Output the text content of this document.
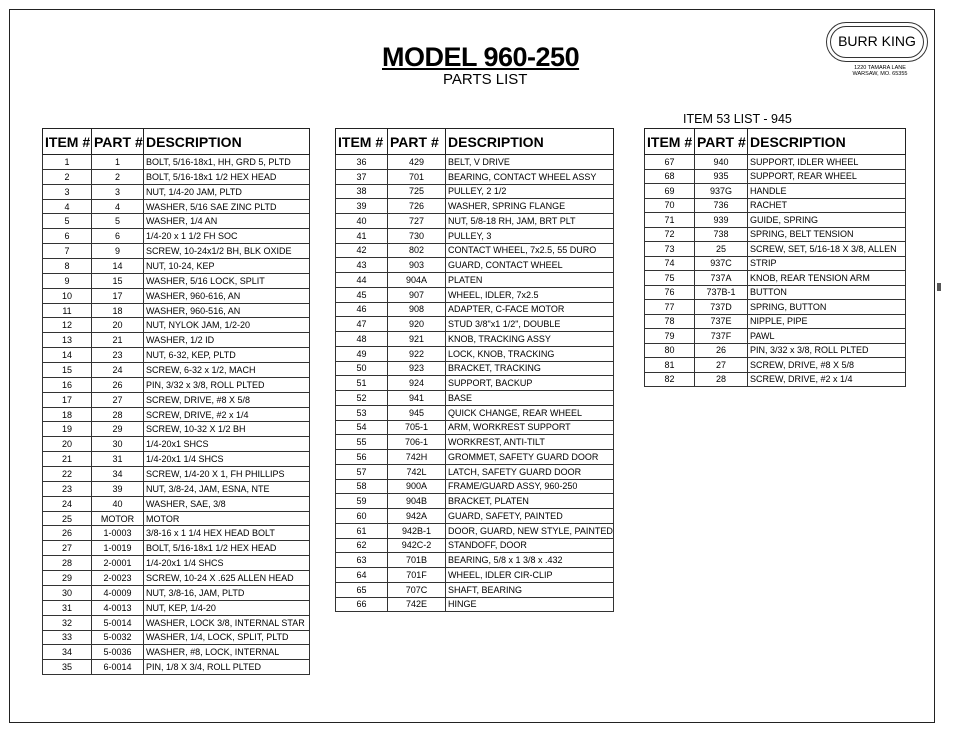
MODEL 960-250
PARTS LIST
BURR KING
1220 TAMARA LANE
WARSAW, MO. 65355
ITEM 53 LIST - 945
ITEM #	PART #	DESCRIPTION
1	1	BOLT, 5/16-18x1, HH, GRD 5, PLTD
2	2	BOLT, 5/16-18x1 1/2 HEX HEAD
3	3	NUT, 1/4-20 JAM, PLTD
4	4	WASHER, 5/16 SAE ZINC PLTD
5	5	WASHER, 1/4 AN
6	6	1/4-20 x 1 1/2 FH SOC
7	9	SCREW, 10-24x1/2 BH, BLK OXIDE
8	14	NUT, 10-24, KEP
9	15	WASHER, 5/16 LOCK, SPLIT
10	17	WASHER, 960-616, AN
11	18	WASHER, 960-516, AN
12	20	NUT, NYLOK JAM, 1/2-20
13	21	WASHER, 1/2 ID
14	23	NUT, 6-32, KEP, PLTD
15	24	SCREW, 6-32 x 1/2, MACH
16	26	PIN, 3/32 x 3/8, ROLL PLTED
17	27	SCREW, DRIVE, #8 X 5/8
18	28	SCREW, DRIVE, #2 x 1/4
19	29	SCREW, 10-32 X 1/2 BH
20	30	1/4-20x1 SHCS
21	31	1/4-20x1 1/4 SHCS
22	34	SCREW, 1/4-20 X 1, FH PHILLIPS
23	39	NUT, 3/8-24, JAM, ESNA, NTE
24	40	WASHER, SAE, 3/8
25	MOTOR	MOTOR
26	1-0003	3/8-16 x 1 1/4 HEX HEAD BOLT
27	1-0019	BOLT, 5/16-18x1 1/2 HEX HEAD
28	2-0001	1/4-20x1 1/4 SHCS
29	2-0023	SCREW, 10-24 X .625 ALLEN HEAD
30	4-0009	NUT, 3/8-16, JAM, PLTD
31	4-0013	NUT, KEP, 1/4-20
32	5-0014	WASHER, LOCK 3/8, INTERNAL STAR
33	5-0032	WASHER, 1/4, LOCK, SPLIT, PLTD
34	5-0036	WASHER, #8, LOCK, INTERNAL
35	6-0014	PIN, 1/8 X 3/4, ROLL PLTED
ITEM #	PART #	DESCRIPTION
36	429	BELT, V DRIVE
37	701	BEARING, CONTACT WHEEL ASSY
38	725	PULLEY, 2 1/2
39	726	WASHER, SPRING FLANGE
40	727	NUT, 5/8-18 RH, JAM, BRT PLT
41	730	PULLEY, 3
42	802	CONTACT WHEEL, 7x2.5, 55 DURO
43	903	GUARD, CONTACT WHEEL
44	904A	PLATEN
45	907	WHEEL, IDLER, 7x2.5
46	908	ADAPTER, C-FACE MOTOR
47	920	STUD 3/8"x1 1/2", DOUBLE
48	921	KNOB, TRACKING ASSY
49	922	LOCK, KNOB, TRACKING
50	923	BRACKET, TRACKING
51	924	SUPPORT, BACKUP
52	941	BASE
53	945	QUICK CHANGE, REAR WHEEL
54	705-1	ARM, WORKREST SUPPORT
55	706-1	WORKREST, ANTI-TILT
56	742H	GROMMET, SAFETY GUARD DOOR
57	742L	LATCH, SAFETY GUARD DOOR
58	900A	FRAME/GUARD ASSY, 960-250
59	904B	BRACKET, PLATEN
60	942A	GUARD, SAFETY, PAINTED
61	942B-1	DOOR, GUARD, NEW STYLE, PAINTED
62	942C-2	STANDOFF, DOOR
63	701B	BEARING, 5/8 x 1 3/8 x .432
64	701F	WHEEL, IDLER CIR-CLIP
65	707C	SHAFT, BEARING
66	742E	HINGE
ITEM #	PART #	DESCRIPTION
67	940	SUPPORT, IDLER WHEEL
68	935	SUPPORT, REAR WHEEL
69	937G	HANDLE
70	736	RACHET
71	939	GUIDE, SPRING
72	738	SPRING, BELT TENSION
73	25	SCREW, SET, 5/16-18 X 3/8, ALLEN
74	937C	STRIP
75	737A	KNOB, REAR TENSION ARM
76	737B-1	BUTTON
77	737D	SPRING, BUTTON
78	737E	NIPPLE, PIPE
79	737F	PAWL
80	26	PIN, 3/32 x 3/8, ROLL PLTED
81	27	SCREW, DRIVE, #8 X 5/8
82	28	SCREW, DRIVE, #2 x 1/4
